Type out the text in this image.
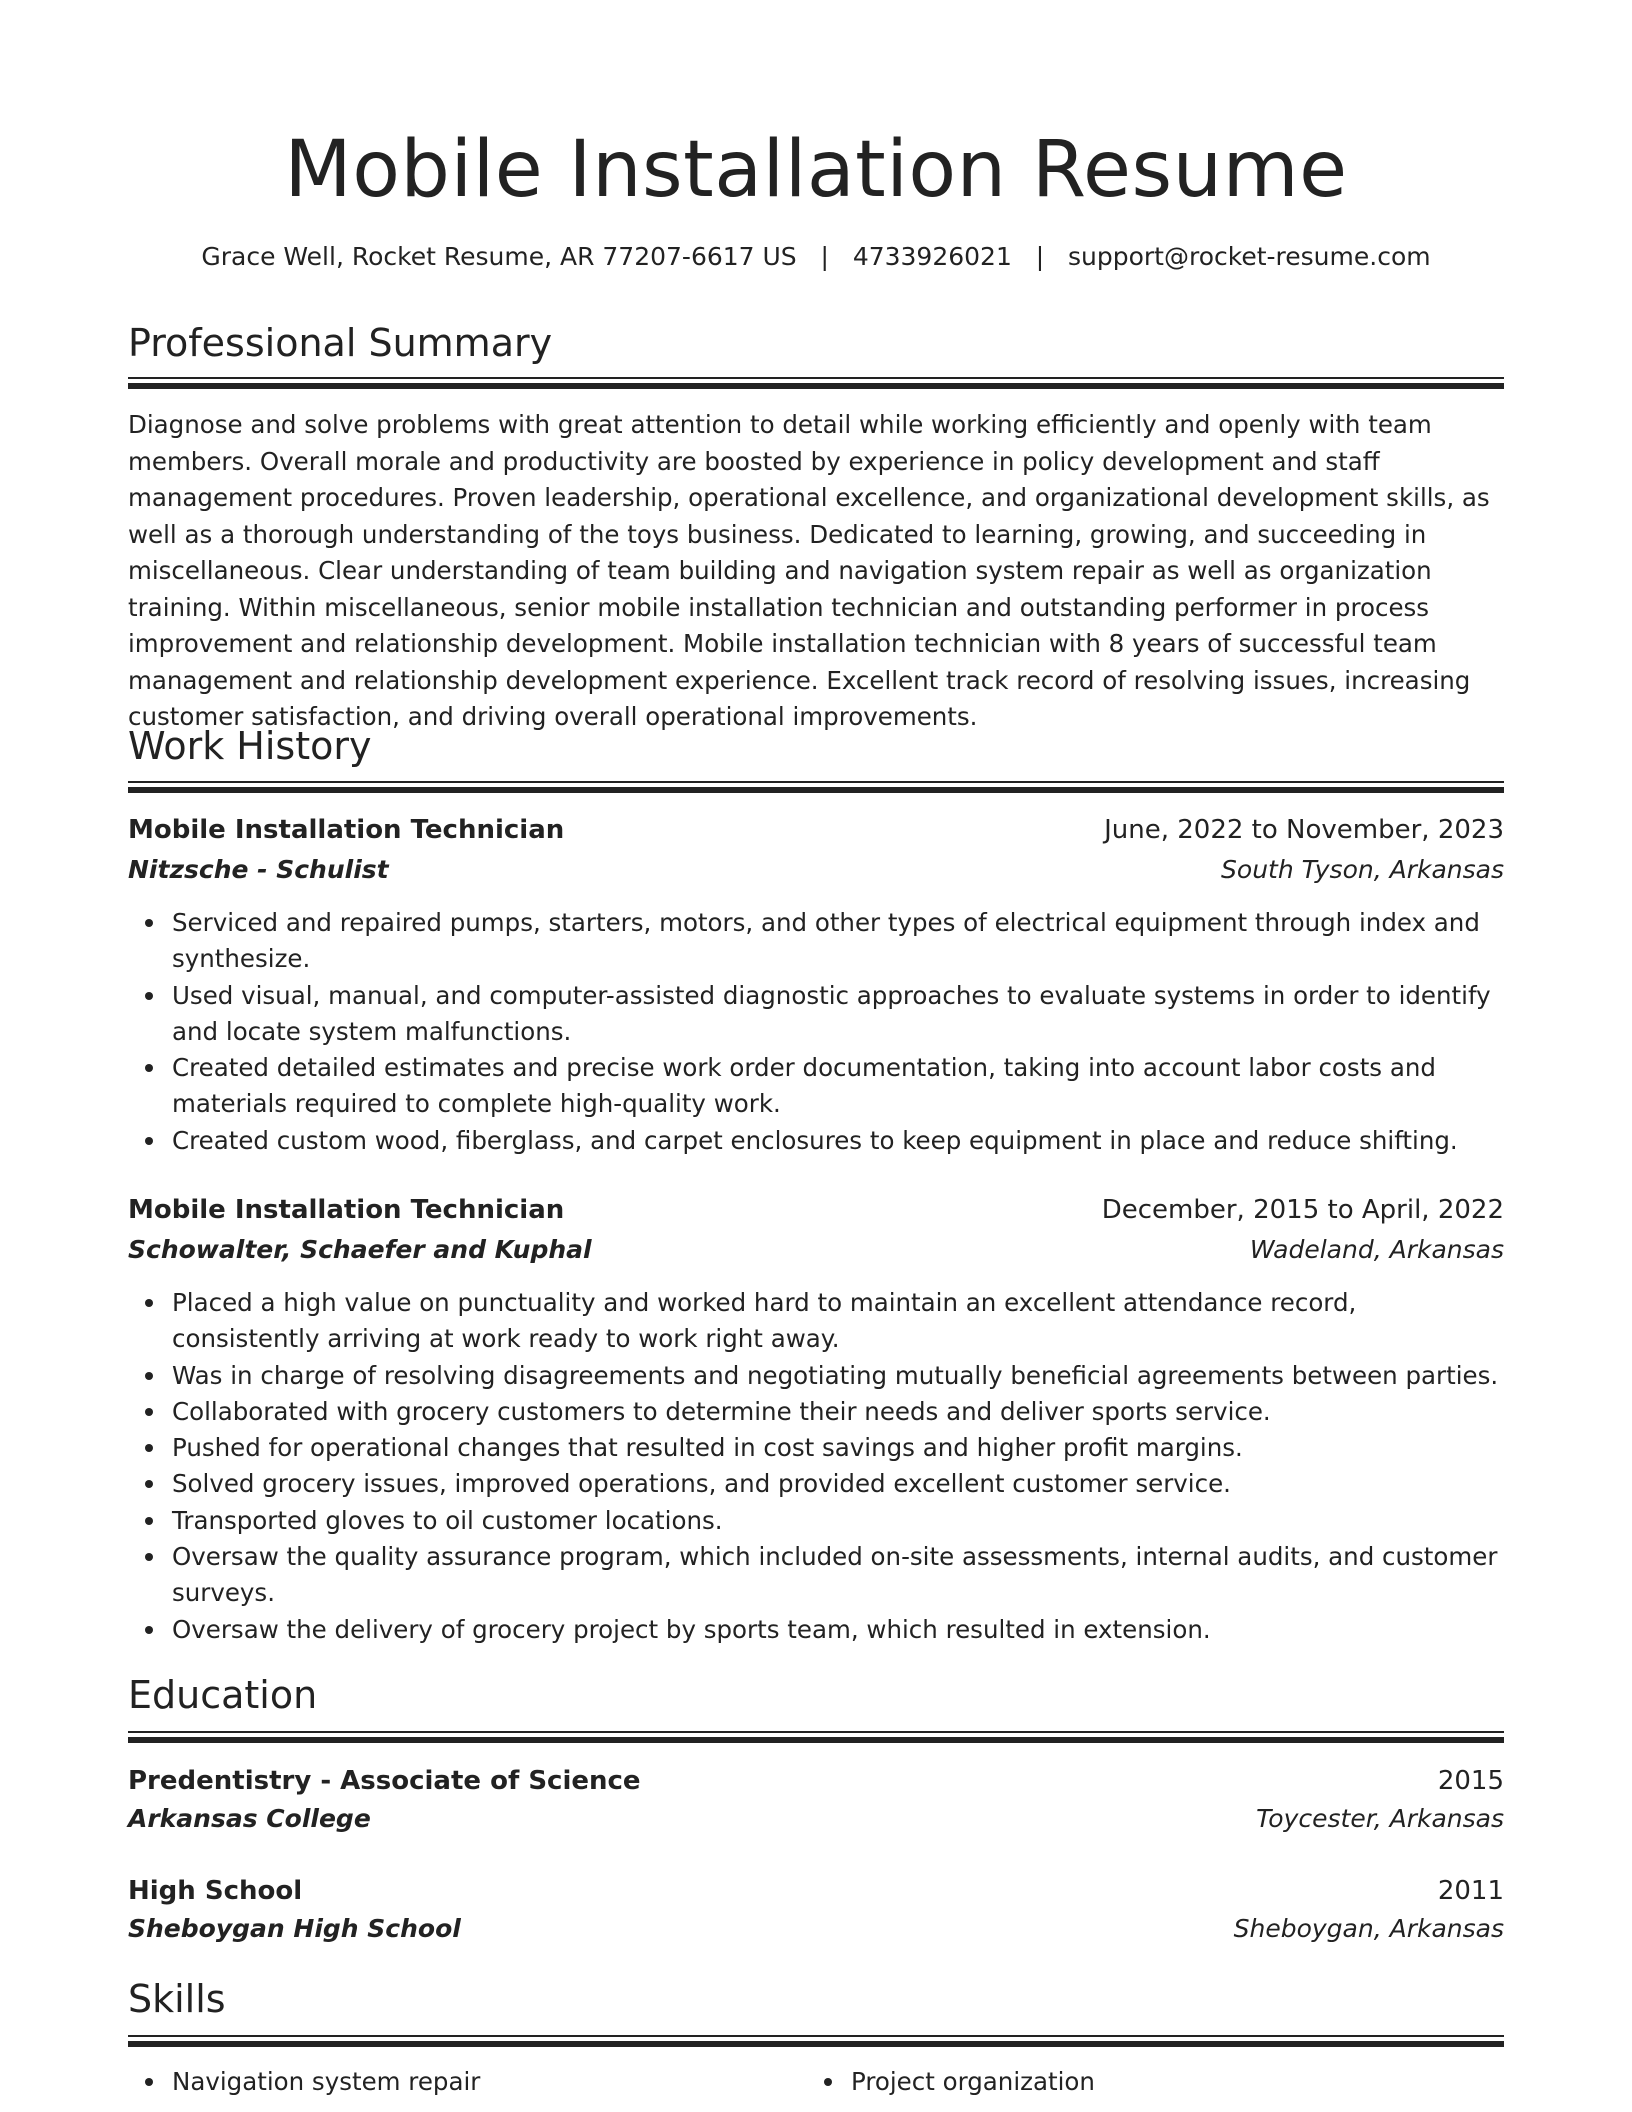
Mobile Installation Resume
Grace Well, Rocket Resume, AR 77207-6617 US | 4733926021 | support@rocket-resume.com
Professional Summary

Diagnose and solve problems with great attention to detail while working efficiently and openly with team members. Overall morale and productivity are boosted by experience in policy development and staff management procedures. Proven leadership, operational excellence, and organizational development skills, as well as a thorough understanding of the toys business. Dedicated to learning, growing, and succeeding in miscellaneous. Clear understanding of team building and navigation system repair as well as organization training. Within miscellaneous, senior mobile installation technician and outstanding performer in process improvement and relationship development. Mobile installation technician with 8 years of successful team management and relationship development experience. Excellent track record of resolving issues, increasing customer satisfaction, and driving overall operational improvements.

Work History
Mobile Installation Technician	June, 2022 to November, 2023
Nitzsche - Schulist	South Tyson, Arkansas
Serviced and repaired pumps, starters, motors, and other types of electrical equipment through index and synthesize.
Used visual, manual, and computer-assisted diagnostic approaches to evaluate systems in order to identify and locate system malfunctions.
Created detailed estimates and precise work order documentation, taking into account labor costs and materials required to complete high-quality work.
Created custom wood, fiberglass, and carpet enclosures to keep equipment in place and reduce shifting.
Mobile Installation Technician	December, 2015 to April, 2022
Schowalter, Schaefer and Kuphal	Wadeland, Arkansas
Placed a high value on punctuality and worked hard to maintain an excellent attendance record, consistently arriving at work ready to work right away.
Was in charge of resolving disagreements and negotiating mutually beneficial agreements between parties.
Collaborated with grocery customers to determine their needs and deliver sports service.
Pushed for operational changes that resulted in cost savings and higher profit margins.
Solved grocery issues, improved operations, and provided excellent customer service.
Transported gloves to oil customer locations.
Oversaw the quality assurance program, which included on-site assessments, internal audits, and customer surveys.
Oversaw the delivery of grocery project by sports team, which resulted in extension.
Education
Predentistry - Associate of Science	2015
Arkansas College	Toycester, Arkansas
High School	2011
Sheboygan High School	Sheboygan, Arkansas
Skills
Navigation system repair	Project organization
